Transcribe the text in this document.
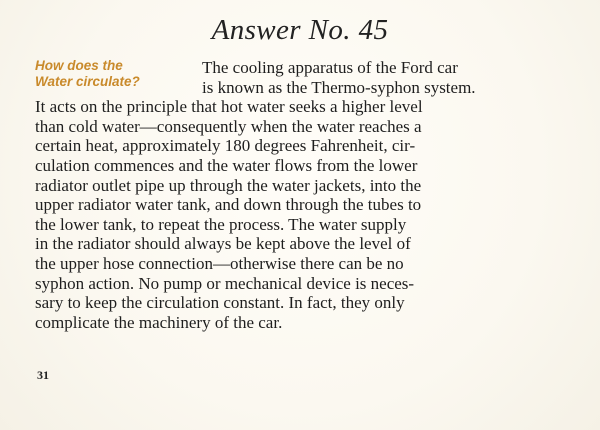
Answer No. 45
How does the
Water circulate?
The cooling apparatus of the Ford car
is known as the Thermo-syphon system.
It acts on the principle that hot water seeks a higher level
than cold water—consequently when the water reaches a
certain heat, approximately 180 degrees Fahrenheit, cir-
culation commences and the water flows from the lower
radiator outlet pipe up through the water jackets, into the
upper radiator water tank, and down through the tubes to
the lower tank, to repeat the process. The water supply
in the radiator should always be kept above the level of
the upper hose connection—otherwise there can be no
syphon action. No pump or mechanical device is neces-
sary to keep the circulation constant. In fact, they only
complicate the machinery of the car.
31
